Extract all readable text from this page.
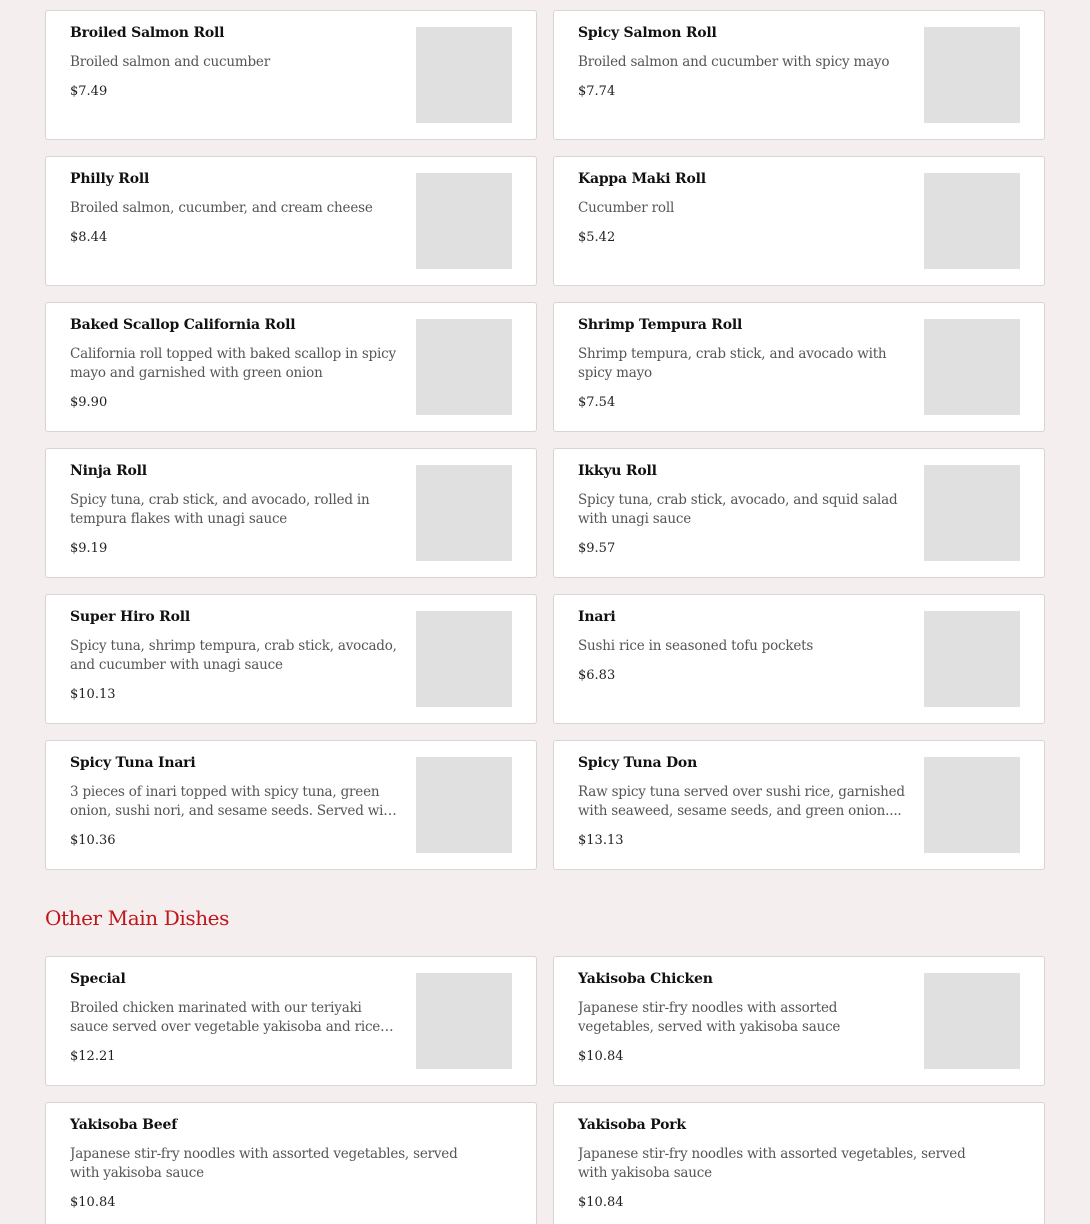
Broiled Salmon Roll
Broiled salmon and cucumber
$7.49
Spicy Salmon Roll
Broiled salmon and cucumber with spicy mayo
$7.74
Philly Roll
Broiled salmon, cucumber, and cream cheese
$8.44
Kappa Maki Roll
Cucumber roll
$5.42
Baked Scallop California Roll
California roll topped with baked scallop in spicy mayo and garnished with green onion
$9.90
Shrimp Tempura Roll
Shrimp tempura, crab stick, and avocado with spicy mayo
$7.54
Ninja Roll
Spicy tuna, crab stick, and avocado, rolled in tempura flakes with unagi sauce
$9.19
Ikkyu Roll
Spicy tuna, crab stick, avocado, and squid salad with unagi sauce
$9.57
Super Hiro Roll
Spicy tuna, shrimp tempura, crab stick, avocado, and cucumber with unagi sauce
$10.13
Inari
Sushi rice in seasoned tofu pockets
$6.83
Spicy Tuna Inari
3 pieces of inari topped with spicy tuna, green onion, sushi nori, and sesame seeds. Served with
$10.36
Spicy Tuna Don
Raw spicy tuna served over sushi rice, garnished with seaweed, sesame seeds, and green onion....
$13.13
Other Main Dishes
Special
Broiled chicken marinated with our teriyaki sauce served over vegetable yakisoba and rice
$12.21
Yakisoba Chicken
Japanese stir-fry noodles with assorted vegetables, served with yakisoba sauce
$10.84
Yakisoba Beef
Japanese stir-fry noodles with assorted vegetables, served with yakisoba sauce
$10.84
Yakisoba Pork
Japanese stir-fry noodles with assorted vegetables, served with yakisoba sauce
$10.84
